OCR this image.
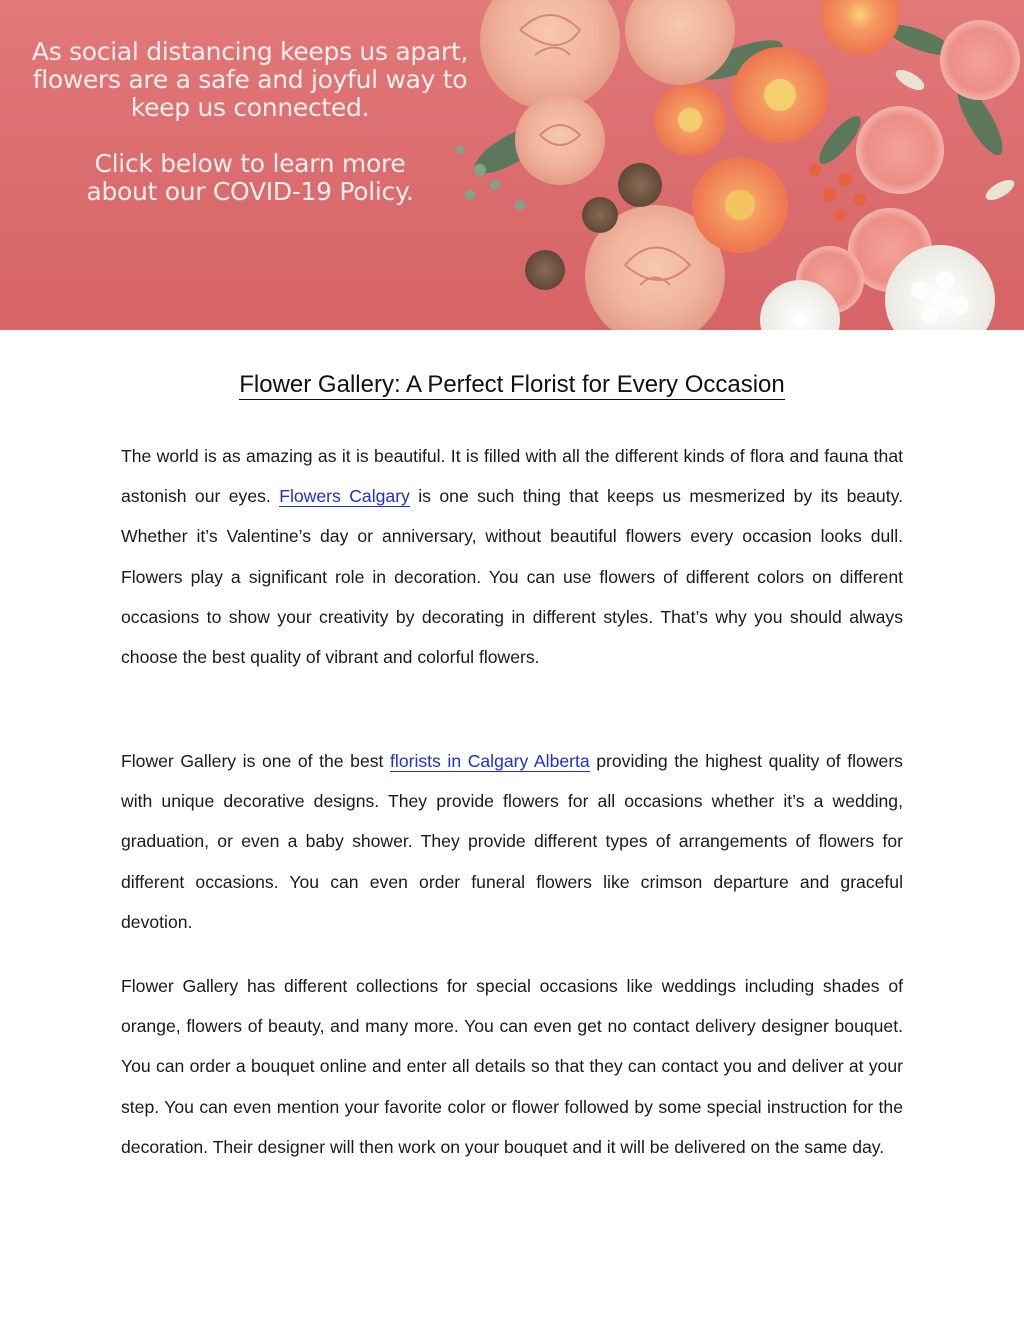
As social distancing keeps us apart,

flowers are a safe and joyful way to

keep us connected.

Click below to learn more

about our COVID-19 Policy.

Flower Gallery: A Perfect Florist for Every Occasion

The world is as amazing as it is beautiful. It is filled with all the different kinds of flora and fauna that astonish our eyes. Flowers Calgary is one such thing that keeps us mesmerized by its beauty. Whether it’s Valentine’s day or anniversary, without beautiful flowers every occasion looks dull. Flowers play a significant role in decoration. You can use flowers of different colors on different occasions to show your creativity by decorating in different styles. That’s why you should always choose the best quality of vibrant and colorful flowers.

Flower Gallery is one of the best florists in Calgary Alberta providing the highest quality of flowers with unique decorative designs. They provide flowers for all occasions whether it’s a wedding, graduation, or even a baby shower. They provide different types of arrangements of flowers for different occasions. You can even order funeral flowers like crimson departure and graceful devotion.

Flower Gallery has different collections for special occasions like weddings including shades of orange, flowers of beauty, and many more. You can even get no contact delivery designer bouquet. You can order a bouquet online and enter all details so that they can contact you and deliver at your step. You can even mention your favorite color or flower followed by some special instruction for the decoration. Their designer will then work on your bouquet and it will be delivered on the same day.
